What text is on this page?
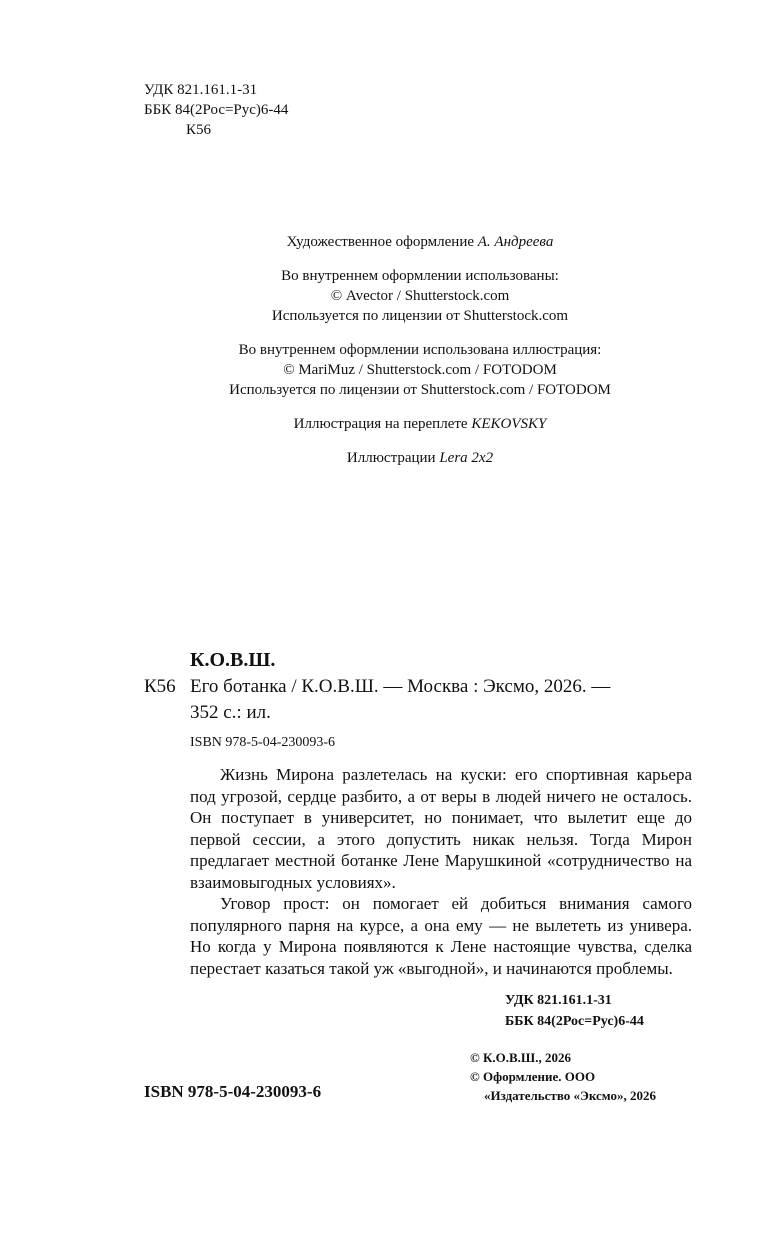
УДК 821.161.1-31
ББК 84(2Рос=Рус)6-44
К56

Художественное оформление А. Андреева

Во внутреннем оформлении использованы:
© Avector / Shutterstock.com
Используется по лицензии от Shutterstock.com

Во внутреннем оформлении использована иллюстрация:
© MariMuz / Shutterstock.com / FOTODOM
Используется по лицензии от Shutterstock.com / FOTODOM

Иллюстрация на переплете KEKOVSKY

Иллюстрации Lera 2x2

К.О.В.Ш.
К56 Его ботанка / К.О.В.Ш. — Москва : Эксмо, 2026. —
352 с.: ил.
ISBN 978-5-04-230093-6

Жизнь Мирона разлетелась на куски: его спортивная карьера под угрозой, сердце разбито, а от веры в людей ничего не осталось. Он поступает в университет, но понимает, что вылетит еще до первой сессии, а этого допустить никак нельзя. Тогда Мирон предлагает местной ботанке Лене Марушкиной «сотрудничество на взаимовыгодных условиях».

Уговор прост: он помогает ей добиться внимания самого популярного парня на курсе, а она ему — не вылететь из универа. Но когда у Мирона появляются к Лене настоящие чувства, сделка перестает казаться такой уж «выгодной», и начинаются проблемы.

УДК 821.161.1-31
ББК 84(2Рос=Рус)6-44
© К.О.В.Ш., 2026
© Оформление. ООО
«Издательство «Эксмо», 2026
ISBN 978-5-04-230093-6
